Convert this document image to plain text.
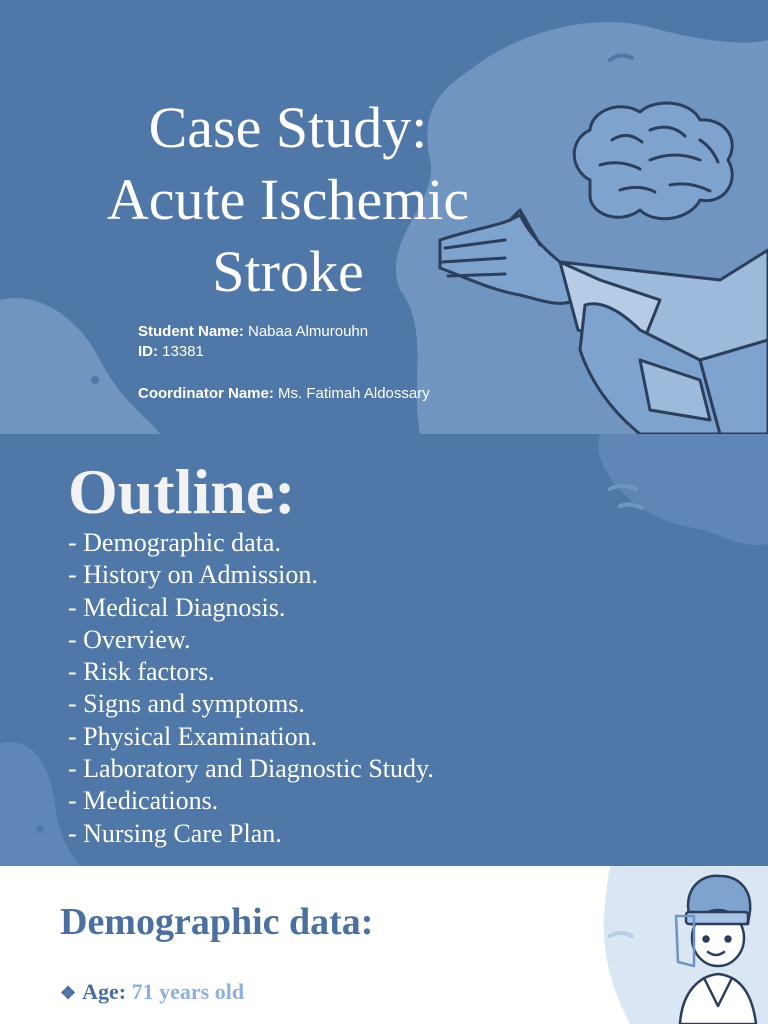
Case Study:
Acute Ischemic
Stroke
Student Name: Nabaa Almurouhn
ID: 13381
Coordinator Name: Ms. Fatimah Aldossary
Outline:
- Demographic data.
- History on Admission.
- Medical Diagnosis.
- Overview.
- Risk factors.
- Signs and symptoms.
- Physical Examination.
- Laboratory and Diagnostic Study.
- Medications.
- Nursing Care Plan.
Demographic data:
❖ Age: 71 years old
